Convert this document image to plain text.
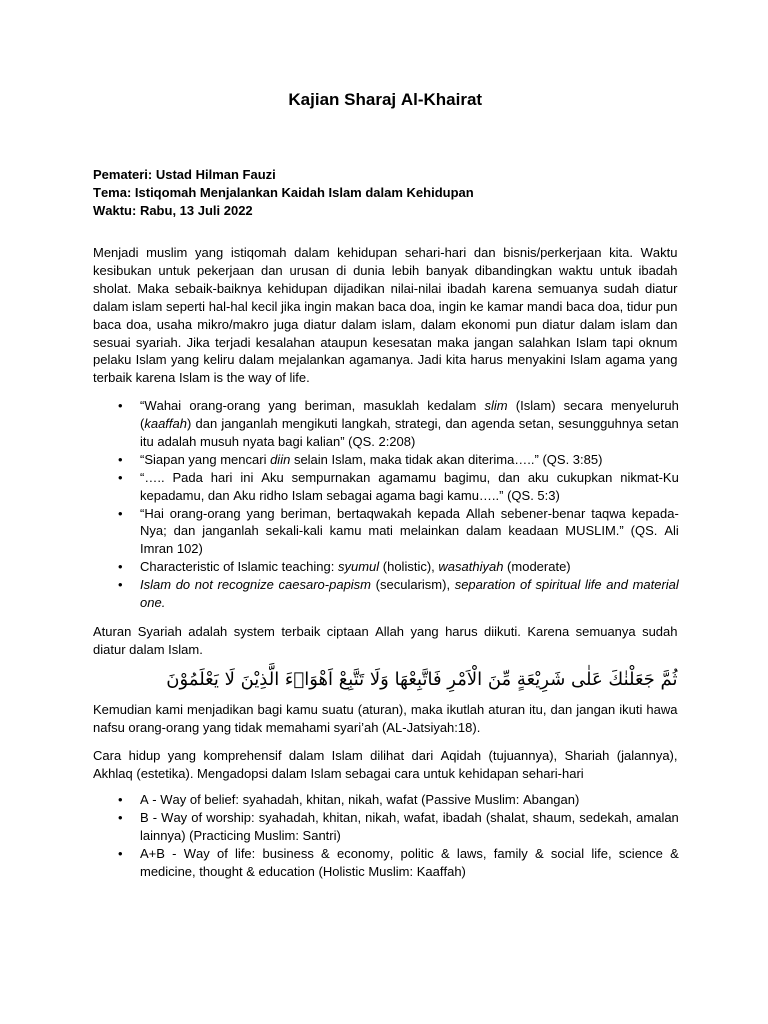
Kajian Sharaj Al-Khairat
Pemateri: Ustad Hilman Fauzi
Tema: Istiqomah Menjalankan Kaidah Islam dalam Kehidupan
Waktu: Rabu, 13 Juli 2022

Menjadi muslim yang istiqomah dalam kehidupan sehari-hari dan bisnis/perkerjaan kita. Waktu kesibukan untuk pekerjaan dan urusan di dunia lebih banyak dibandingkan waktu untuk ibadah sholat. Maka sebaik-baiknya kehidupan dijadikan nilai-nilai ibadah karena semuanya sudah diatur dalam islam seperti hal-hal kecil jika ingin makan baca doa, ingin ke kamar mandi baca doa, tidur pun baca doa, usaha mikro/makro juga diatur dalam islam, dalam ekonomi pun diatur dalam islam dan sesuai syariah. Jika terjadi kesalahan ataupun kesesatan maka jangan salahkan Islam tapi oknum pelaku Islam yang keliru dalam mejalankan agamanya. Jadi kita harus menyakini Islam agama yang terbaik karena Islam is the way of life.

• “Wahai orang-orang yang beriman, masuklah kedalam slim (Islam) secara menyeluruh (kaaffah) dan janganlah mengikuti langkah, strategi, dan agenda setan, sesungguhnya setan itu adalah musuh nyata bagi kalian” (QS. 2:208)
• “Siapan yang mencari diin selain Islam, maka tidak akan diterima…..” (QS. 3:85)
• “….. Pada hari ini Aku sempurnakan agamamu bagimu, dan aku cukupkan nikmat-Ku kepadamu, dan Aku ridho Islam sebagai agama bagi kamu…..” (QS. 5:3)
• “Hai orang-orang yang beriman, bertaqwakah kepada Allah sebener-benar taqwa kepada-Nya; dan janganlah sekali-kali kamu mati melainkan dalam keadaan MUSLIM.” (QS. Ali Imran 102)
• Characteristic of Islamic teaching: syumul (holistic), wasathiyah (moderate)
• Islam do not recognize caesaro-papism (secularism), separation of spiritual life and material one.

Aturan Syariah adalah system terbaik ciptaan Allah yang harus diikuti. Karena semuanya sudah diatur dalam Islam.

ثُمَّ جَعَلْنٰكَ عَلٰى شَرِيْعَةٍ مِّنَ الْاَمْرِ فَاتَّبِعْهَا وَلَا تَتَّبِعْ اَهْوَاۤءَ الَّذِيْنَ لَا يَعْلَمُوْنَ

Kemudian kami menjadikan bagi kamu suatu (aturan), maka ikutlah aturan itu, dan jangan ikuti hawa nafsu orang-orang yang tidak memahami syari’ah (AL-Jatsiyah:18).

Cara hidup yang komprehensif dalam Islam dilihat dari Aqidah (tujuannya), Shariah (jalannya), Akhlaq (estetika). Mengadopsi dalam Islam sebagai cara untuk kehidapan sehari-hari

• A - Way of belief: syahadah, khitan, nikah, wafat (Passive Muslim: Abangan)
• B - Way of worship: syahadah, khitan, nikah, wafat, ibadah (shalat, shaum, sedekah, amalan lainnya) (Practicing Muslim: Santri)
• A+B - Way of life: business & economy, politic & laws, family & social life, science & medicine, thought & education (Holistic Muslim: Kaaffah)
